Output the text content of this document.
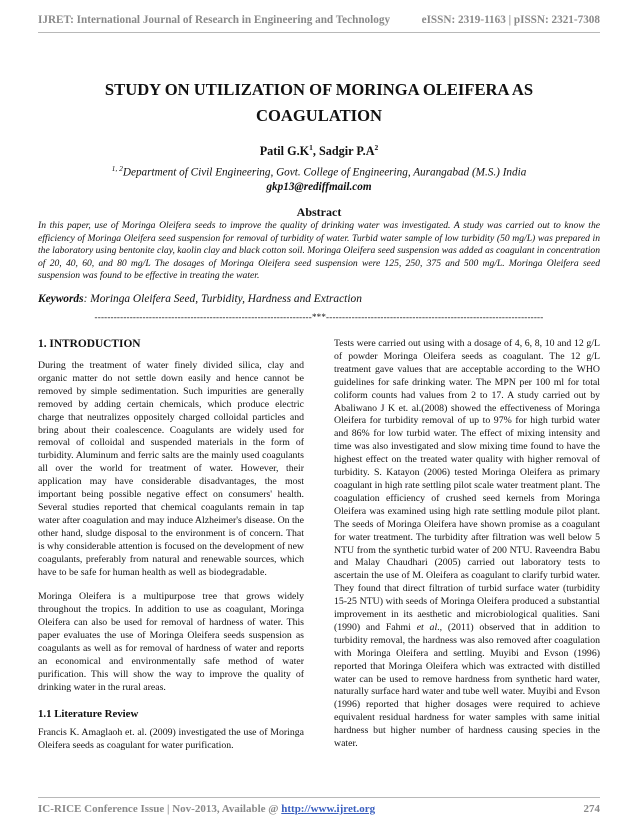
IJRET: International Journal of Research in Engineering and Technology	eISSN: 2319-1163 | pISSN: 2321-7308
STUDY ON UTILIZATION OF MORINGA OLEIFERA AS COAGULATION
Patil $G.K^1$, Sadgir $P.A^2$
$^{1, 2}$Department of Civil Engineering, Govt. College of Engineering, Aurangabad (M.S.) India
gkp13@rediffmail.com
Abstract

In this paper, use of Moringa Oleifera seeds to improve the quality of drinking water was investigated. A study was carried out to know the efficiency of Moringa Oleifera seed suspension for removal of turbidity of water. Turbid water sample of low turbidity (50 mg/L) was prepared in the laboratory using bentonite clay, kaolin clay and black cotton soil. Moringa Oleifera seed suspension was added as coagulant in concentration of 20, 40, 60, and 80 mg/L The dosages of Moringa Oleifera seed suspension were 125, 250, 375 and 500 mg/L. Moringa Oleifera seed suspension was found to be effective in treating the water.

Keywords: Moringa Oleifera Seed, Turbidity, Hardness and Extraction
--------------------------------------------------------------------***--------------------------------------------------------------------
1. INTRODUCTION

During the treatment of water finely divided silica, clay and organic matter do not settle down easily and hence cannot be removed by simple sedimentation. Such impurities are generally removed by adding certain chemicals, which produce electric charge that neutralizes oppositely charged colloidal particles and bring about their coalescence. Coagulants are widely used for removal of colloidal and suspended materials in the form of turbidity. Aluminum and ferric salts are the mainly used coagulants all over the world for treatment of water. However, their application may have considerable disadvantages, the most important being possible negative effect on consumers' health. Several studies reported that chemical coagulants remain in tap water after coagulation and may induce Alzheimer's disease. On the other hand, sludge disposal to the environment is of concern. That is why considerable attention is focused on the development of new coagulants, preferably from natural and renewable sources, which have to be safe for human health as well as biodegradable.

Moringa Oleifera is a multipurpose tree that grows widely throughout the tropics. In addition to use as coagulant, Moringa Oleifera can also be used for removal of hardness of water. This paper evaluates the use of Moringa Oleifera seeds suspension as coagulants as well as for removal of hardness of water and reports an economical and environmentally safe method of water purification. This will show the way to improve the quality of drinking water in the rural areas.

1.1 Literature Review

Francis K. Amaglaoh et. al. (2009) investigated the use of Moringa Oleifera seeds as coagulant for water purification.

Tests were carried out using with a dosage of 4, 6, 8, 10 and 12 g/L of powder Moringa Oleifera seeds as coagulant. The 12 g/L treatment gave values that are acceptable according to the WHO guidelines for safe drinking water. The MPN per 100 ml for total coliform counts had values from 2 to 17. A study carried out by Abaliwano J K et. al.(2008) showed the effectiveness of Moringa Oleifera for turbidity removal of up to 97% for high turbid water and 86% for low turbid water. The effect of mixing intensity and time was also investigated and slow mixing time found to have the highest effect on the treated water quality with higher removal of turbidity. S. Katayon (2006) tested Moringa Oleifera as primary coagulant in high rate settling pilot scale water treatment plant. The coagulation efficiency of crushed seed kernels from Moringa Oleifera was examined using high rate settling module pilot plant. The seeds of Moringa Oleifera have shown promise as a coagulant for water treatment. The turbidity after filtration was well below 5 NTU from the synthetic turbid water of 200 NTU. Raveendra Babu and Malay Chaudhari (2005) carried out laboratory tests to ascertain the use of M. Oleifera as coagulant to clarify turbid water. They found that direct filtration of turbid surface water (turbidity 15-25 NTU) with seeds of Moringa Oleifera produced a substantial improvement in its aesthetic and microbiological qualities. Sani (1990) and Fahmi et al., (2011) observed that in addition to turbidity removal, the hardness was also removed after coagulation with Moringa Oleifera and settling. Muyibi and Evson (1996) reported that Moringa Oleifera which was extracted with distilled water can be used to remove hardness from synthetic hard water, naturally surface hard water and tube well water. Muyibi and Evson (1996) reported that higher dosages were required to achieve equivalent residual hardness for water samples with same initial hardness but higher number of hardness causing species in the water.

IC-RICE Conference Issue | Nov-2013, Available @ http://www.ijret.org	274
